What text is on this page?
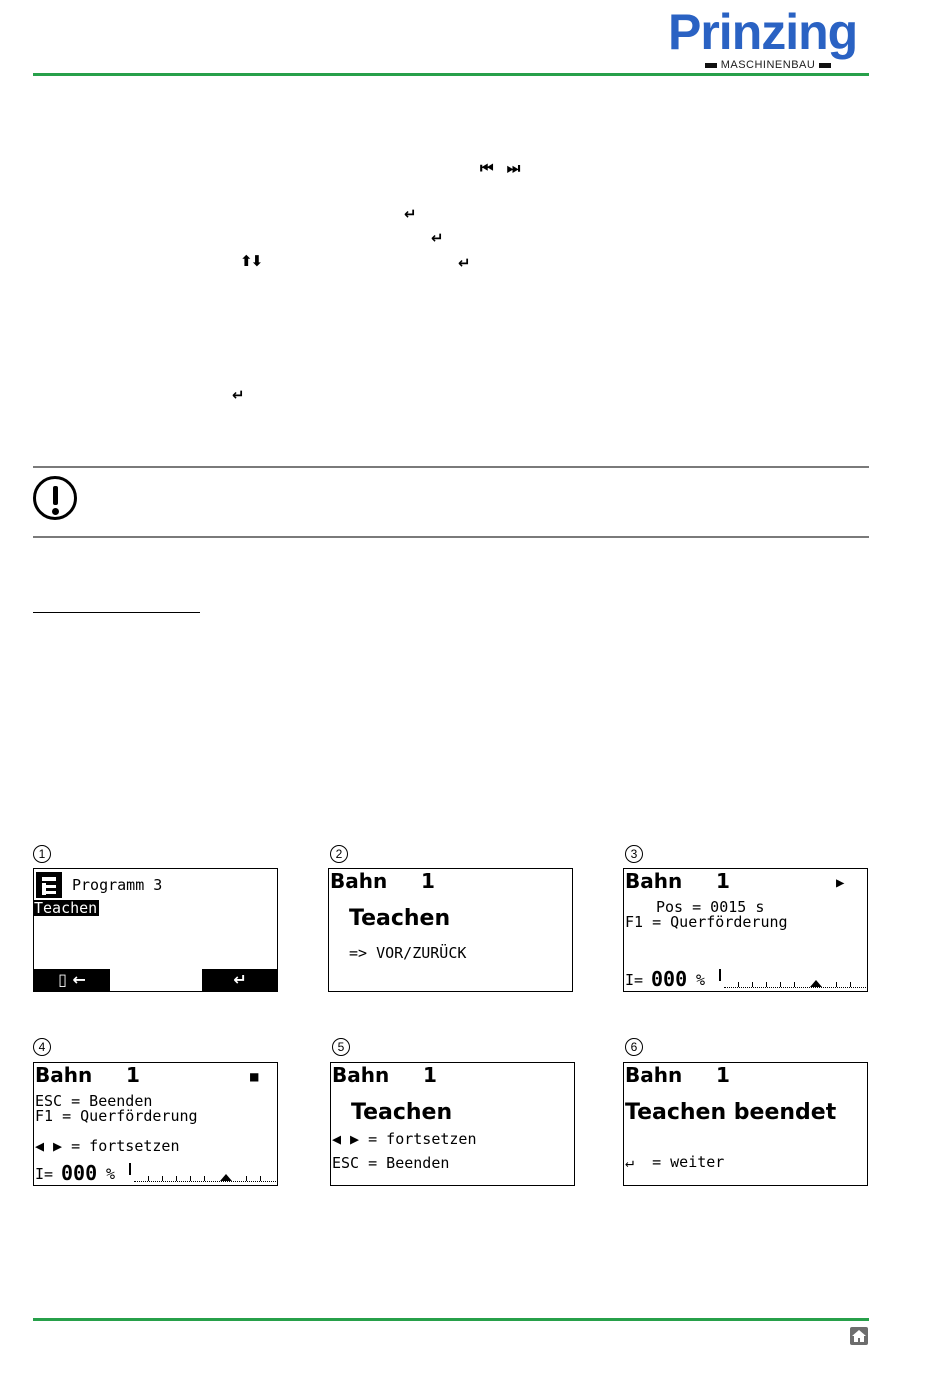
Prinzing
MASCHINENBAU
⏮ ⏭
↵
↵
⬆⬇	↵
↵
1
Programm 3
Teachen
▯ ←	↵
2
Bahn 1
Teachen
=> VOR/ZURÜCK
3
Bahn 1	▶
Pos = 0015 s
F1 = Querförderung
I= 000 %
4
Bahn 1	■
ESC = Beenden
F1 = Querförderung
◀ ▶ = fortsetzen
I= 000 %
5
Bahn 1
Teachen
◀ ▶ = fortsetzen
ESC = Beenden
6
Bahn 1
Teachen beendet
↵  = weiter
